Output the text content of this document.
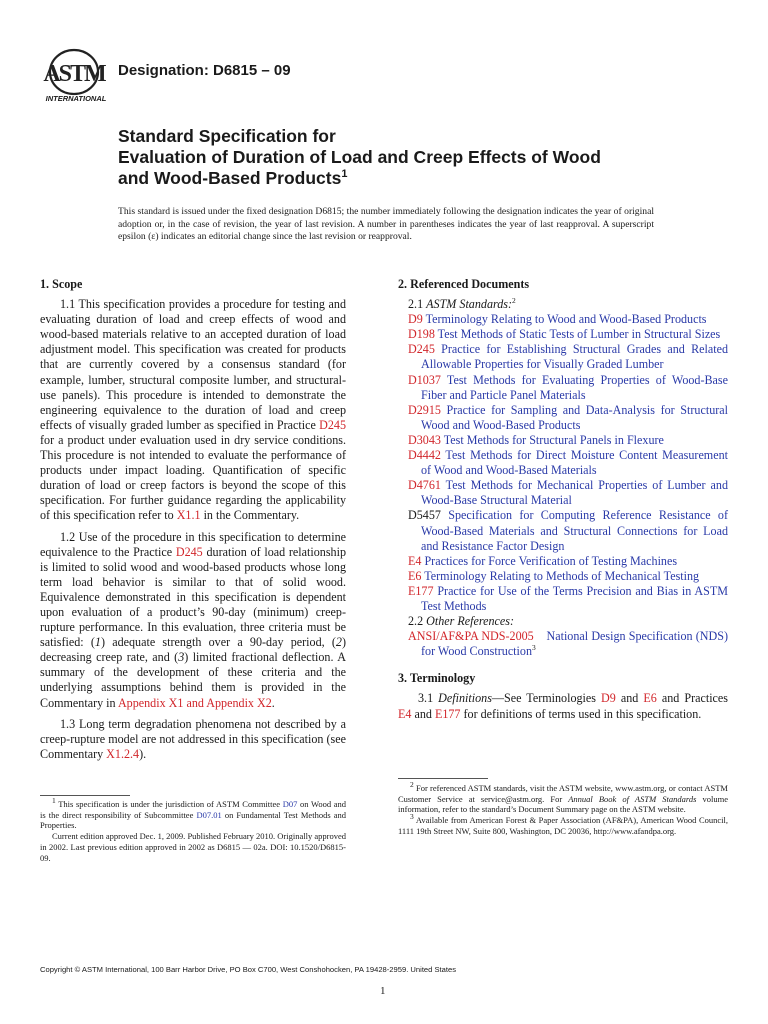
ASTM
INTERNATIONAL
Designation: D6815 – 09
Standard Specification for
Evaluation of Duration of Load and Creep Effects of Wood
and Wood-Based Products$^1$
This standard is issued under the fixed designation D6815; the number immediately following the designation indicates the year of original adoption or, in the case of revision, the year of last revision. A number in parentheses indicates the year of last reapproval. A superscript epsilon (ε) indicates an editorial change since the last revision or reapproval.
1. Scope

1.1 This specification provides a procedure for testing and evaluating duration of load and creep effects of wood and wood-based materials relative to an accepted duration of load adjustment model. This specification was created for products that are currently covered by a consensus standard (for example, lumber, structural composite lumber, and structural-use panels). This procedure is intended to demonstrate the engineering equivalence to the duration of load and creep effects of visually graded lumber as specified in Practice D245 for a product under evaluation used in dry service conditions. This procedure is not intended to evaluate the performance of products under impact loading. Quantification of specific duration of load or creep factors is beyond the scope of this specification. For further guidance regarding the applicability of this specification refer to X1.1 in the Commentary.

1.2 Use of the procedure in this specification to determine equivalence to the Practice D245 duration of load relationship is limited to solid wood and wood-based products whose long term load behavior is similar to that of solid wood. Equivalence demonstrated in this specification is dependent upon evaluation of a product’s 90-day (minimum) creep-rupture performance. In this evaluation, three criteria must be satisfied: (1) adequate strength over a 90-day period, (2) decreasing creep rate, and (3) limited fractional deflection. A summary of the development of these criteria and the underlying assumptions behind them is provided in the Commentary in Appendix X1 and Appendix X2.

1.3 Long term degradation phenomena not described by a creep-rupture model are not addressed in this specification (see Commentary X1.2.4).

2. Referenced Documents
2.1 ASTM Standards:$^2$
D9 Terminology Relating to Wood and Wood-Based Products
D198 Test Methods of Static Tests of Lumber in Structural Sizes
D245 Practice for Establishing Structural Grades and Related Allowable Properties for Visually Graded Lumber
D1037 Test Methods for Evaluating Properties of Wood-Base Fiber and Particle Panel Materials
D2915 Practice for Sampling and Data-Analysis for Structural Wood and Wood-Based Products
D3043 Test Methods for Structural Panels in Flexure
D4442 Test Methods for Direct Moisture Content Measurement of Wood and Wood-Based Materials
D4761 Test Methods for Mechanical Properties of Lumber and Wood-Base Structural Material
D5457 Specification for Computing Reference Resistance of Wood-Based Materials and Structural Connections for Load and Resistance Factor Design
E4 Practices for Force Verification of Testing Machines
E6 Terminology Relating to Methods of Mechanical Testing
E177 Practice for Use of the Terms Precision and Bias in ASTM Test Methods
2.2 Other References:
ANSI/AF&PA NDS-2005 National Design Specification (NDS) for Wood Construction$^3$
3. Terminology

3.1 Definitions—See Terminologies D9 and E6 and Practices E4 and E177 for definitions of terms used in this specification.

$^1$ This specification is under the jurisdiction of ASTM Committee D07 on Wood and is the direct responsibility of Subcommittee D07.01 on Fundamental Test Methods and Properties.

Current edition approved Dec. 1, 2009. Published February 2010. Originally approved in 2002. Last previous edition approved in 2002 as D6815 — 02a. DOI: 10.1520/D6815-09.

$^2$ For referenced ASTM standards, visit the ASTM website, www.astm.org, or contact ASTM Customer Service at service@astm.org. For Annual Book of ASTM Standards volume information, refer to the standard’s Document Summary page on the ASTM website.

$^3$ Available from American Forest & Paper Association (AF&PA), American Wood Council, 1111 19th Street NW, Suite 800, Washington, DC 20036, http://www.afandpa.org.

Copyright © ASTM International, 100 Barr Harbor Drive, PO Box C700, West Conshohocken, PA 19428-2959. United States
1
